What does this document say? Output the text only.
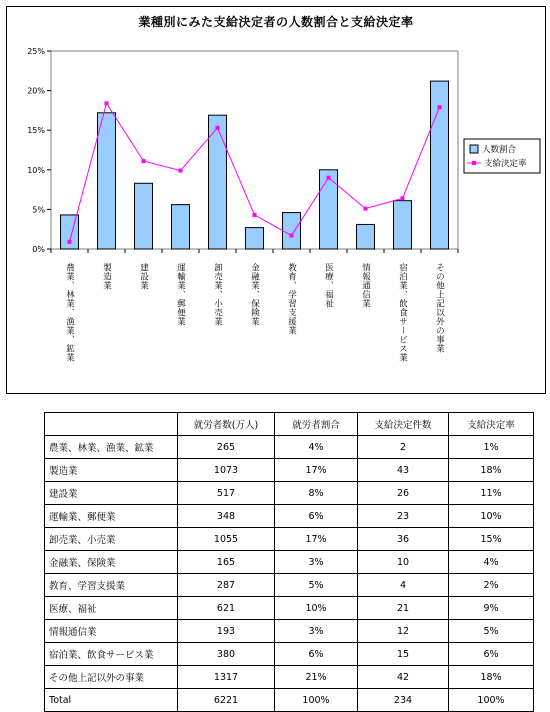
業種別にみた支給決定者の人数割合と支給決定率
0%
5%
10%
15%
20%
25%
農業、林業、漁業、鉱業	製造業	建設業	運輸業、郵便業	卸売業、小売業	金融業、保険業	教育、学習支援業	医療、福祉	情報通信業	宿泊業、飲食サービス業	その他上記以外の事業
人数割合
支給決定率
	就労者数(万人)	就労者割合	支給決定件数	支給決定率
農業、林業、漁業、鉱業	265	4%	2	1%
製造業	1073	17%	43	18%
建設業	517	8%	26	11%
運輸業、郵便業	348	6%	23	10%
卸売業、小売業	1055	17%	36	15%
金融業、保険業	165	3%	10	4%
教育、学習支援業	287	5%	4	2%
医療、福祉	621	10%	21	9%
情報通信業	193	3%	12	5%
宿泊業、飲食サービス業	380	6%	15	6%
その他上記以外の事業	1317	21%	42	18%
Total	6221	100%	234	100%
